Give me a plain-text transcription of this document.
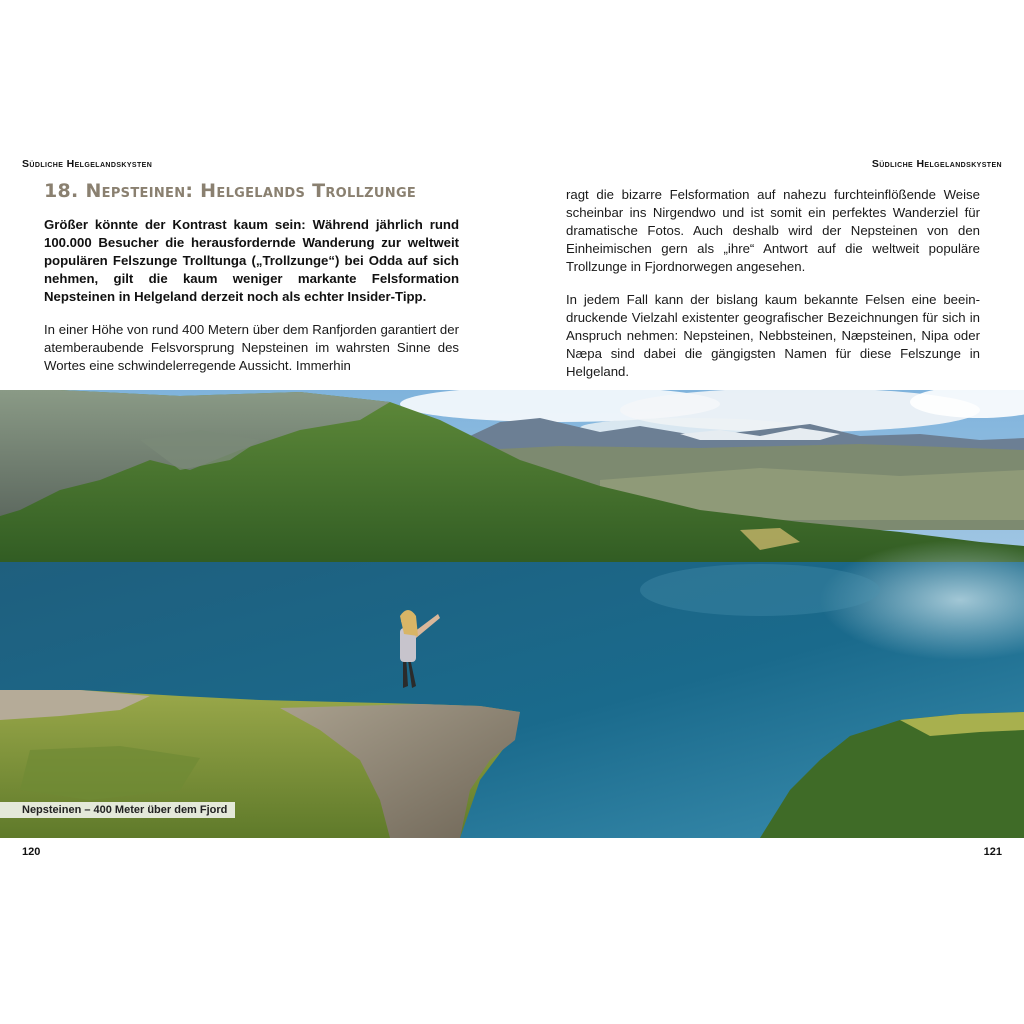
Südliche Helgelandskysten	Südliche Helgelandskysten
18. Nepsteinen: Helgelands Trollzunge

Größer könnte der Kontrast kaum sein: Während jährlich rund 100.000 Besucher die herausfordernde Wanderung zur weltweit populären Felszunge Trolltunga („Trollzunge“) bei Odda auf sich nehmen, gilt die kaum weniger markante Felsformation Nepsteinen in Helgeland derzeit noch als echter Insider-Tipp.

In einer Höhe von rund 400 Metern über dem Ranfjorden garantiert der atemberaubende Felsvorsprung Nepsteinen im wahrsten Sinne des Wortes eine schwindelerregende Aussicht. Immerhin

ragt die bizarre Felsformation auf nahezu furchteinflößende Weise scheinbar ins Nirgendwo und ist somit ein perfektes Wanderziel für dramatische Fotos. Auch deshalb wird der Nepsteinen von den Einheimischen gern als „ihre“ Antwort auf die weltweit populäre Trollzunge in Fjordnorwegen angesehen.

In jedem Fall kann der bislang kaum bekannte Felsen eine beeindruckende Vielzahl existenter geografischer Bezeichnungen für sich in Anspruch nehmen: Nepsteinen, Nebbsteinen, Næpsteinen, Nipa oder Næpa sind dabei die gängigsten Namen für diese Felszunge in Helgeland.

Nepsteinen – 400 Meter über dem Fjord
120	121
